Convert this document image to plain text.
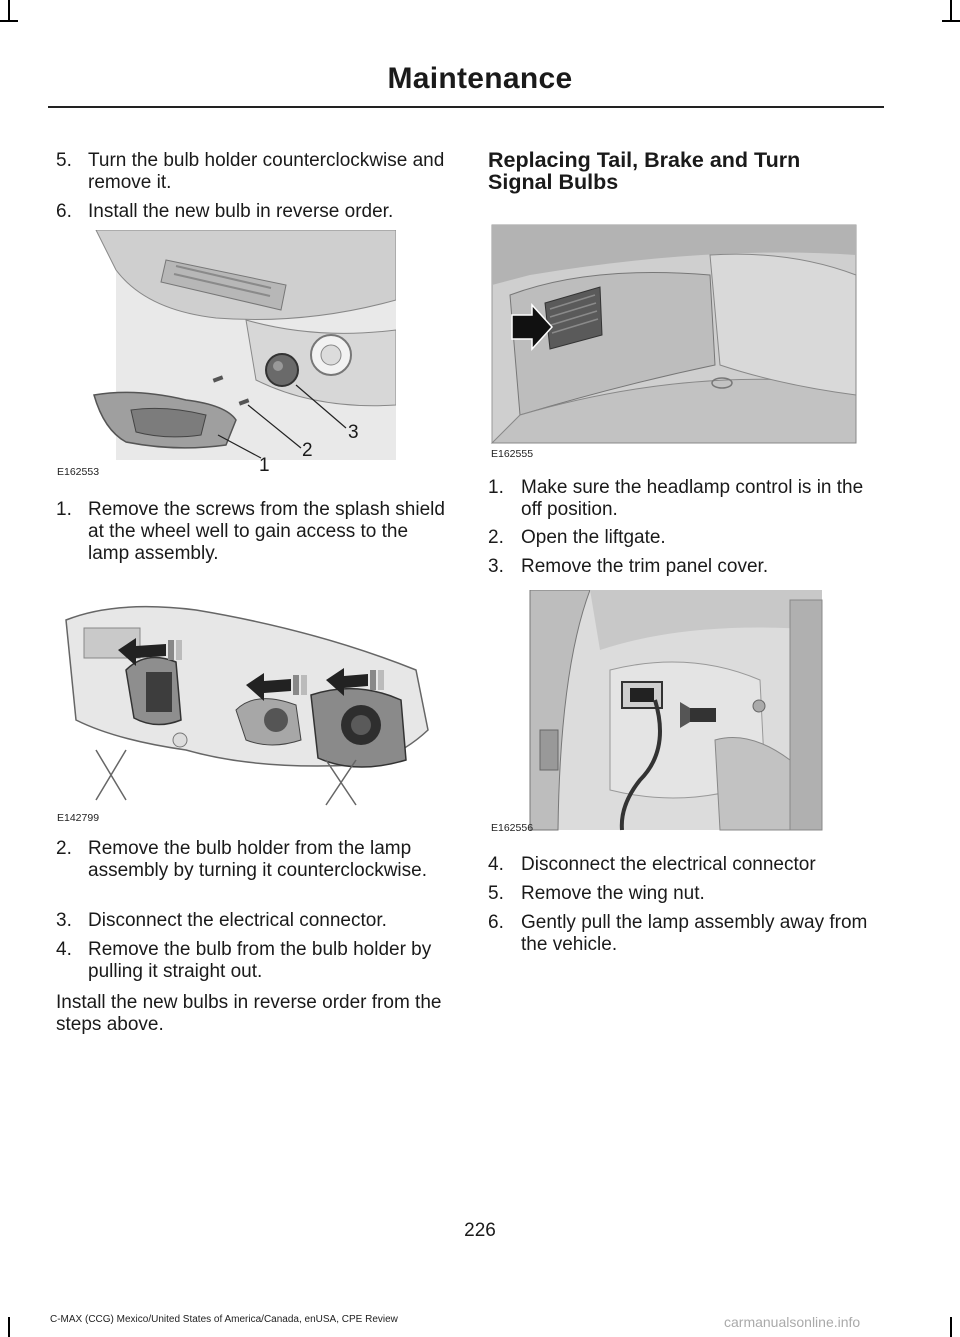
Maintenance
5. Turn the bulb holder counterclockwise and remove it.
6. Install the new bulb in reverse order.
1
2
3
E162553
1. Remove the screws from the splash shield at the wheel well to gain access to the lamp assembly.
E142799
2. Remove the bulb holder from the lamp assembly by turning it counterclockwise.
3. Disconnect the electrical connector.
4. Remove the bulb from the bulb holder by pulling it straight out.
Install the new bulbs in reverse order from the steps above.
Replacing Tail, Brake and Turn
Signal Bulbs
E162555
1. Make sure the headlamp control is in the off position.
2. Open the liftgate.
3. Remove the trim panel cover.
E162556
4. Disconnect the electrical connector
5. Remove the wing nut.
6. Gently pull the lamp assembly away from the vehicle.
226
C-MAX (CCG) Mexico/United States of America/Canada, enUSA, CPE Review	carmanualsonline.info
